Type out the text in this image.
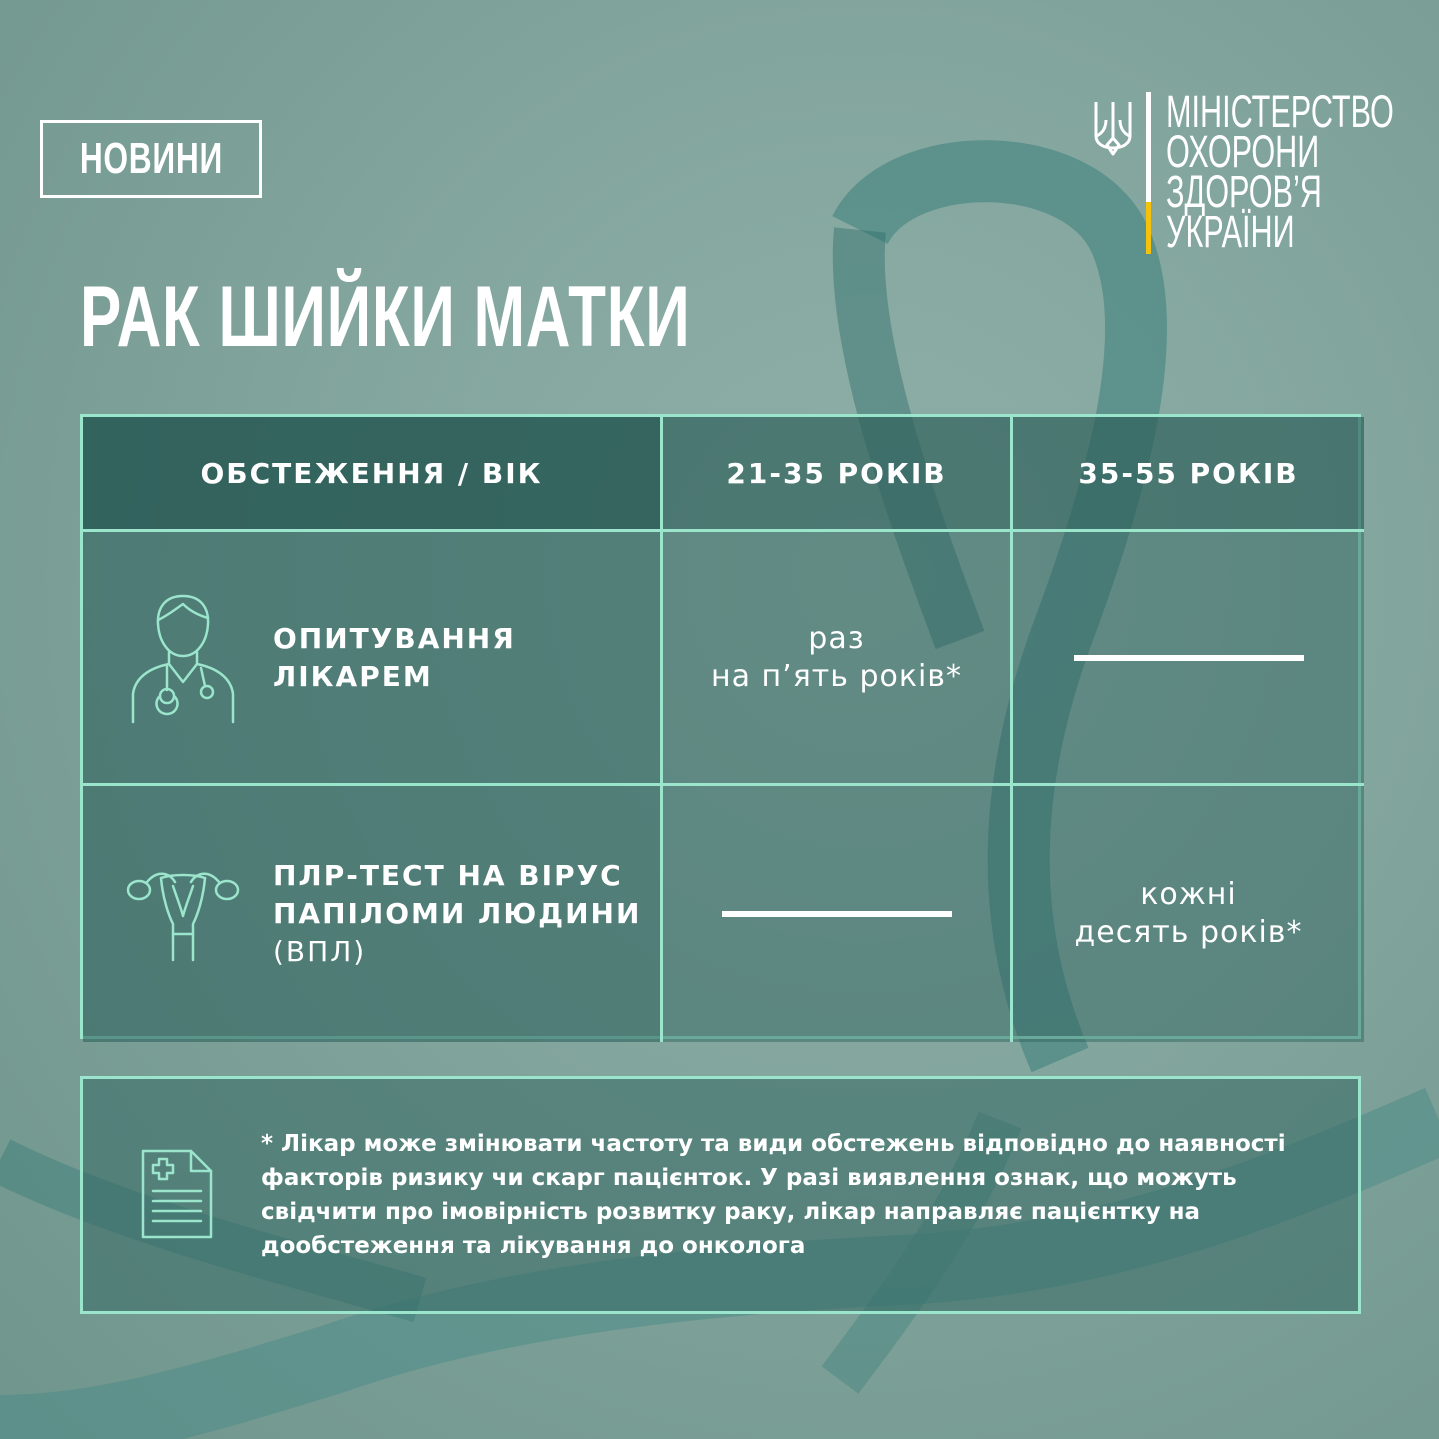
НОВИНИ
МІНІСТЕРСТВО
ОХОРОНИ
ЗДОРОВ’Я
УКРАЇНИ
РАК ШИЙКИ МАТКИ
ОБСТЕЖЕННЯ / ВІК	21-35 РОКІВ	35-55 РОКІВ
ОПИТУВАННЯ
ЛІКАРЕМ
раз
на п’ять років*
ПЛР-ТЕСТ НА ВІРУС
ПАПІЛОМИ ЛЮДИНИ
(ВПЛ)
кожні
десять років*

* Лікар може змінювати частоту та види обстежень відповідно до наявності факторів ризику чи скарг пацієнток. У разі виявлення ознак, що можуть свідчити про імовірність розвитку раку, лікар направляє пацієнтку на дообстеження та лікування до онколога
